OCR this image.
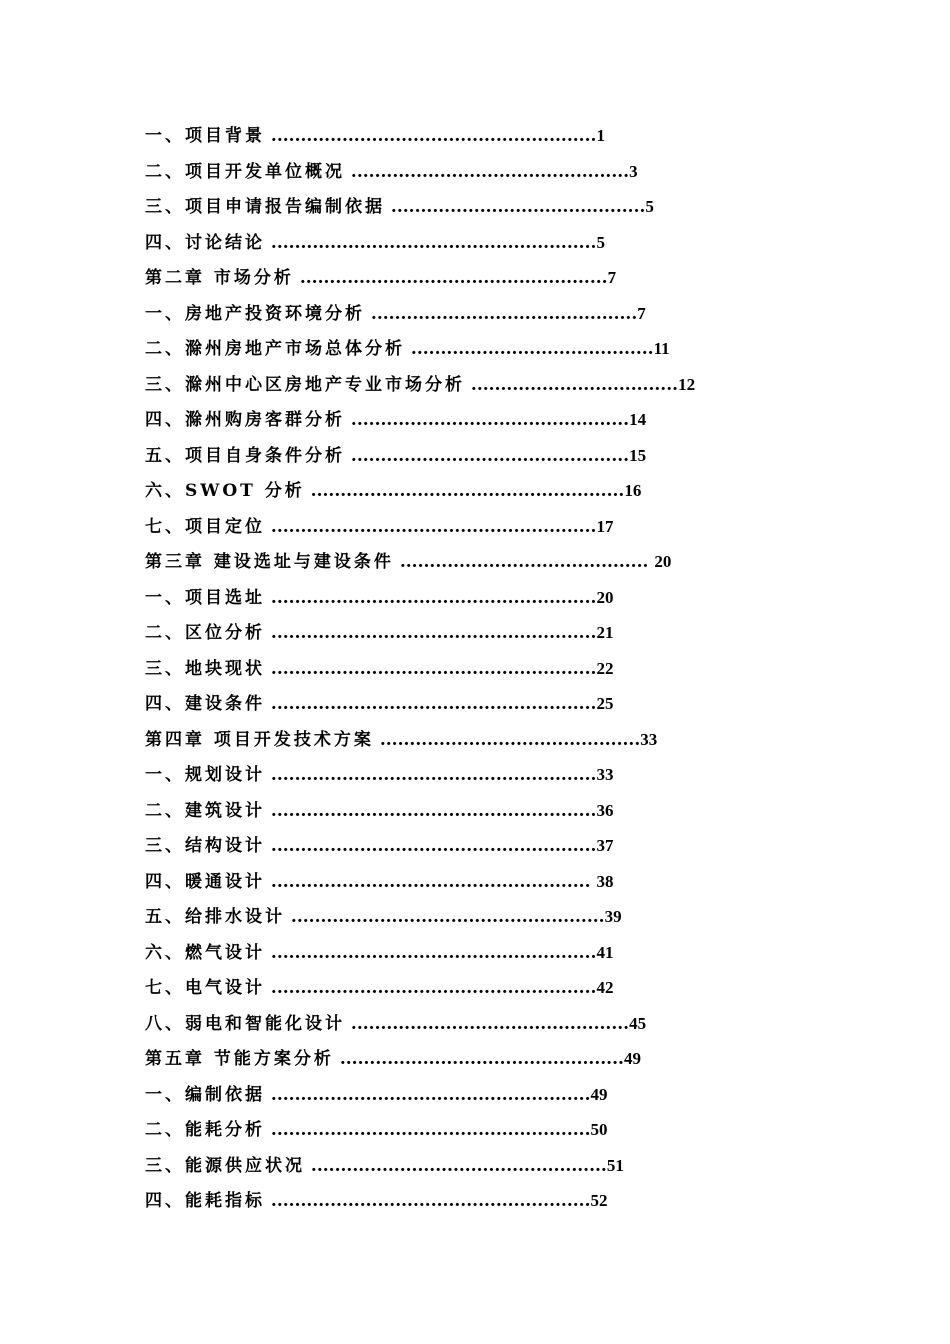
一、项目背景 .......................................................1
二、项目开发单位概况 ...............................................3
三、项目申请报告编制依据 ...........................................5
四、讨论结论 .......................................................5
第二章 市场分析 ....................................................7
一、房地产投资环境分析 .............................................7
二、滁州房地产市场总体分析 .........................................11
三、滁州中心区房地产专业市场分析 ...................................12
四、滁州购房客群分析 ...............................................14
五、项目自身条件分析 ...............................................15
六、SWOT 分析 .....................................................16
七、项目定位 .......................................................17
第三章 建设选址与建设条件 .......................................... 20
一、项目选址 .......................................................20
二、区位分析 .......................................................21
三、地块现状 .......................................................22
四、建设条件 .......................................................25
第四章 项目开发技术方案 ............................................33
一、规划设计 .......................................................33
二、建筑设计 .......................................................36
三、结构设计 .......................................................37
四、暖通设计 ...................................................... 38
五、给排水设计 .....................................................39
六、燃气设计 .......................................................41
七、电气设计 .......................................................42
八、弱电和智能化设计 ...............................................45
第五章 节能方案分析 ................................................49
一、编制依据 ......................................................49
二、能耗分析 ......................................................50
三、能源供应状况 ..................................................51
四、能耗指标 ......................................................52
